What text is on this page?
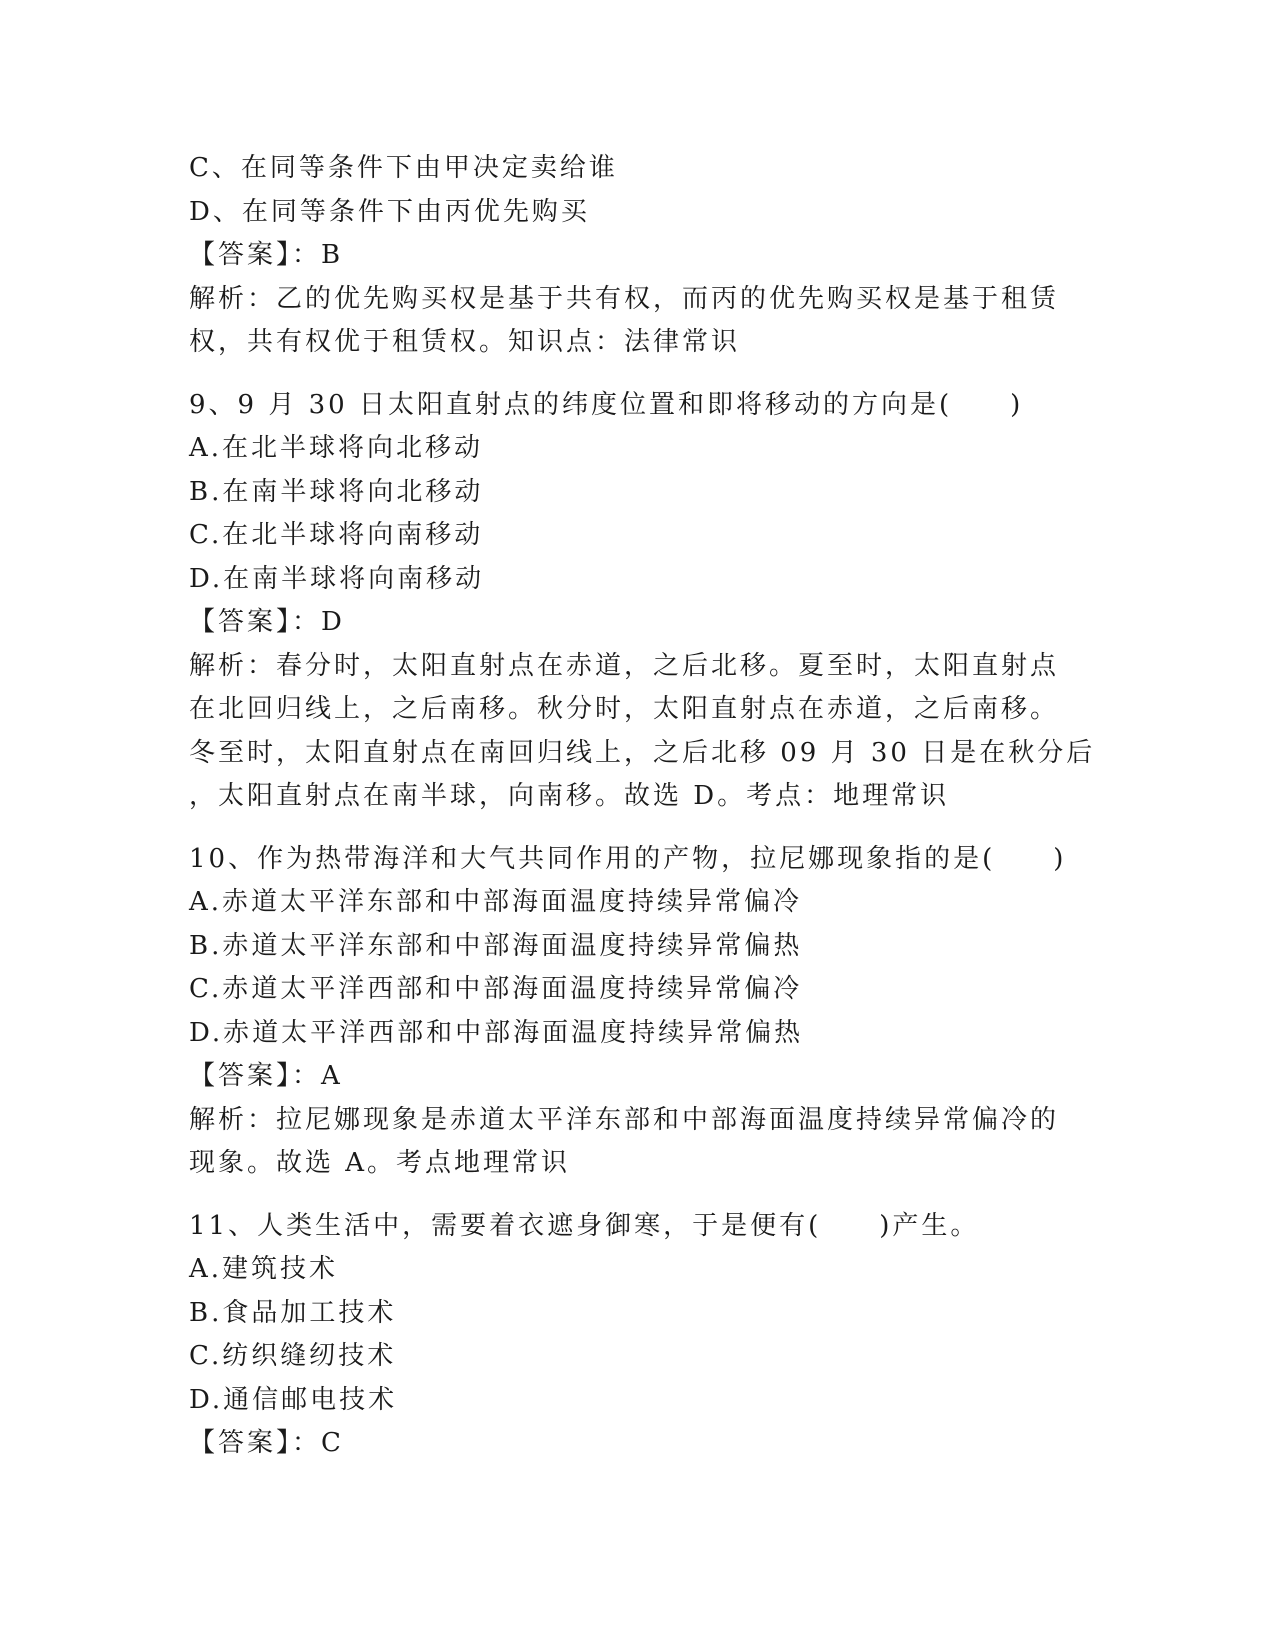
C、在同等条件下由甲决定卖给谁
D、在同等条件下由丙优先购买
【答案】：B
解析：乙的优先购买权是基于共有权，而丙的优先购买权是基于租赁
权，共有权优于租赁权。知识点：法律常识
9、9 月 30 日太阳直射点的纬度位置和即将移动的方向是(　　)
A.在北半球将向北移动
B.在南半球将向北移动
C.在北半球将向南移动
D.在南半球将向南移动
【答案】：D
解析：春分时，太阳直射点在赤道，之后北移。夏至时，太阳直射点
在北回归线上，之后南移。秋分时，太阳直射点在赤道，之后南移。
冬至时，太阳直射点在南回归线上，之后北移 09 月 30 日是在秋分后
，太阳直射点在南半球，向南移。故选 D。考点：地理常识
10、作为热带海洋和大气共同作用的产物，拉尼娜现象指的是(　　)
A.赤道太平洋东部和中部海面温度持续异常偏冷
B.赤道太平洋东部和中部海面温度持续异常偏热
C.赤道太平洋西部和中部海面温度持续异常偏冷
D.赤道太平洋西部和中部海面温度持续异常偏热
【答案】：A
解析：拉尼娜现象是赤道太平洋东部和中部海面温度持续异常偏冷的
现象。故选 A。考点地理常识
11、人类生活中，需要着衣遮身御寒，于是便有(　　)产生。
A.建筑技术
B.食品加工技术
C.纺织缝纫技术
D.通信邮电技术
【答案】：C
